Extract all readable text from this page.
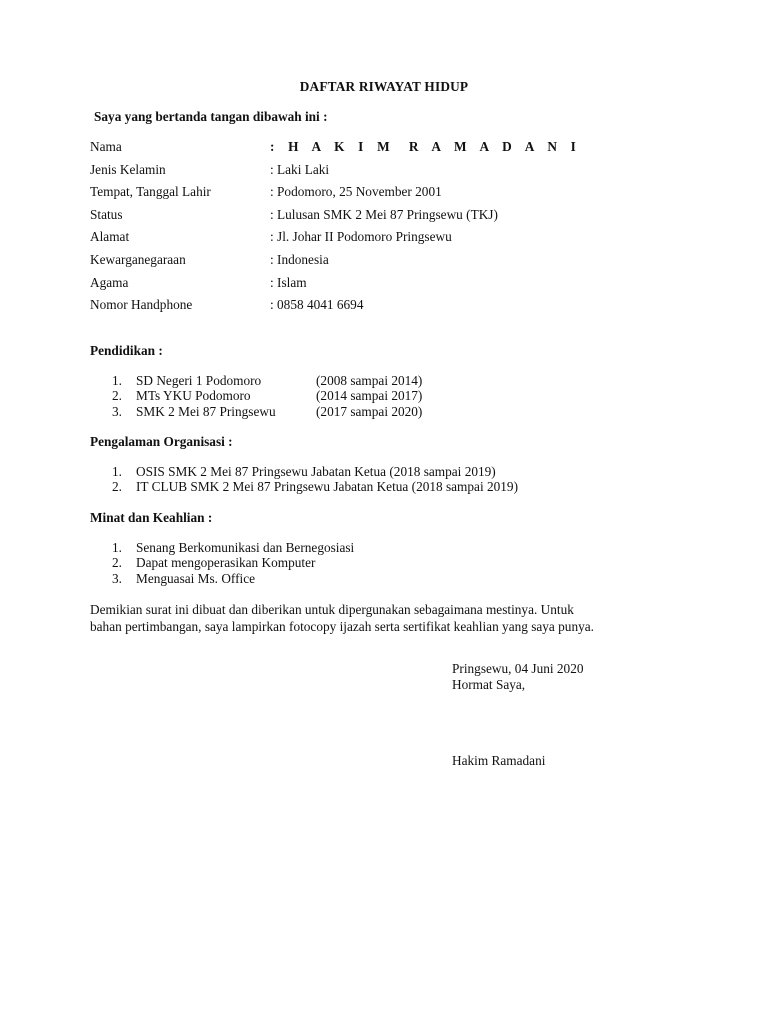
DAFTAR RIWAYAT HIDUP
Saya yang bertanda tangan dibawah ini :
Nama	: H A K I M R A M A D A N I
Jenis Kelamin	: Laki Laki
Tempat, Tanggal Lahir	: Podomoro, 25 November 2001
Status	: Lulusan SMK 2 Mei 87 Pringsewu (TKJ)
Alamat	: Jl. Johar II Podomoro Pringsewu
Kewarganegaraan	: Indonesia
Agama	: Islam
Nomor Handphone	: 0858 4041 6694
Pendidikan :
1. SD Negeri 1 Podomoro	(2008 sampai 2014)
2. MTs YKU Podomoro	(2014 sampai 2017)
3. SMK 2 Mei 87 Pringsewu	(2017 sampai 2020)
Pengalaman Organisasi :
1. OSIS SMK 2 Mei 87 Pringsewu Jabatan Ketua (2018 sampai 2019)
2. IT CLUB SMK 2 Mei 87 Pringsewu Jabatan Ketua (2018 sampai 2019)
Minat dan Keahlian :
1. Senang Berkomunikasi dan Bernegosiasi
2. Dapat mengoperasikan Komputer
3. Menguasai Ms. Office
Demikian surat ini dibuat dan diberikan untuk dipergunakan sebagaimana mestinya. Untuk
bahan pertimbangan, saya lampirkan fotocopy ijazah serta sertifikat keahlian yang saya punya.
Pringsewu, 04 Juni 2020
Hormat Saya,
Hakim Ramadani
